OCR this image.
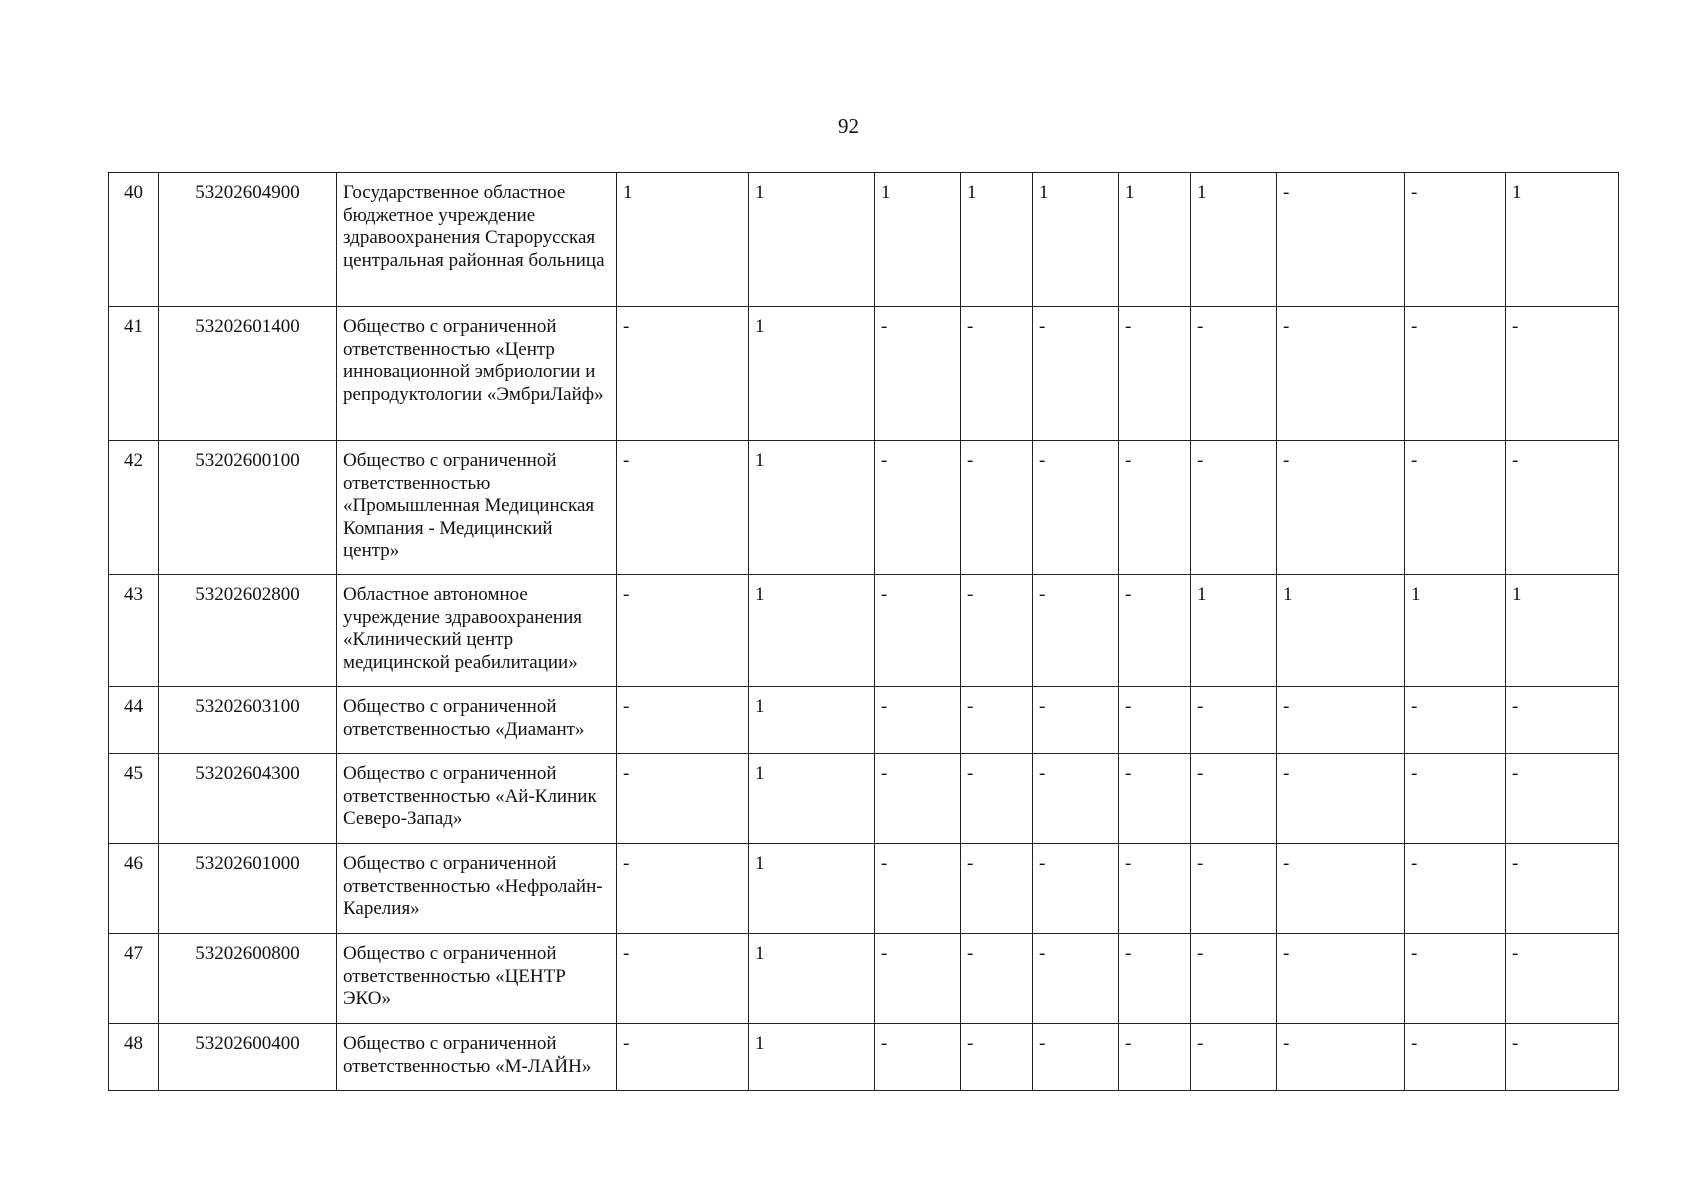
92
40	53202604900	Государственное областное бюджетное учреждение здравоохранения Старорусская центральная районная больница	1	1	1	1	1	1	1	-	-	1
41	53202601400	Общество с ограниченной ответственностью «Центр инновационной эмбриологии и репродуктологии «ЭмбриЛайф»	-	1	-	-	-	-	-	-	-	-
42	53202600100	Общество с ограниченной ответственностью «Промышленная Медицинская Компания - Медицинский центр»	-	1	-	-	-	-	-	-	-	-
43	53202602800	Областное автономное учреждение здравоохранения «Клинический центр медицинской реабилитации»	-	1	-	-	-	-	1	1	1	1
44	53202603100	Общество с ограниченной ответственностью «Диамант»	-	1	-	-	-	-	-	-	-	-
45	53202604300	Общество с ограниченной ответственностью «Ай-Клиник Северо-Запад»	-	1	-	-	-	-	-	-	-	-
46	53202601000	Общество с ограниченной ответственностью «Нефролайн-Карелия»	-	1	-	-	-	-	-	-	-	-
47	53202600800	Общество с ограниченной ответственностью «ЦЕНТР ЭКО»	-	1	-	-	-	-	-	-	-	-
48	53202600400	Общество с ограниченной ответственностью «М-ЛАЙН»	-	1	-	-	-	-	-	-	-	-
